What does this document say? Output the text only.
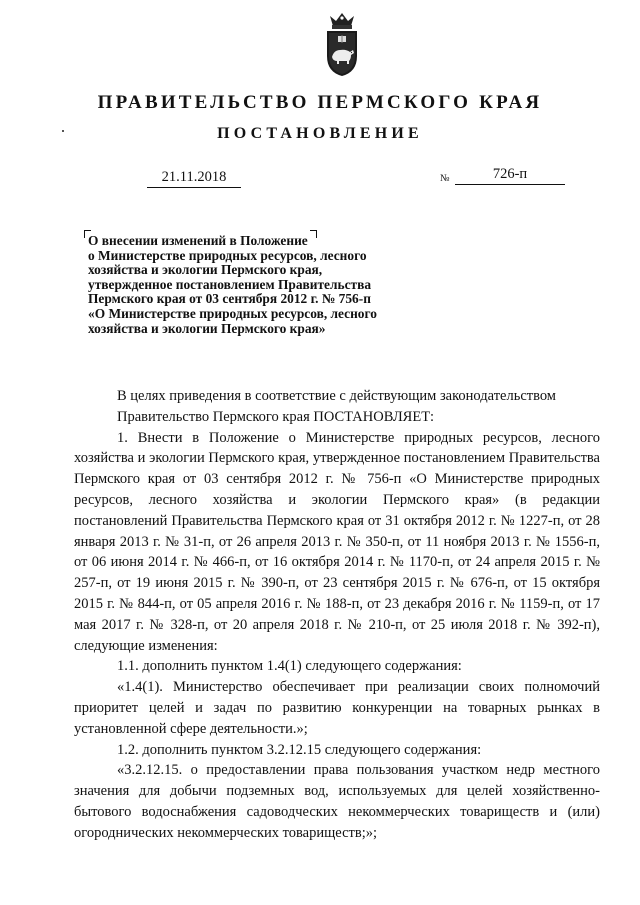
ПРАВИТЕЛЬСТВО ПЕРМСКОГО КРАЯ
ПОСТАНОВЛЕНИЕ
21.11.2018	№	726-п
О внесении изменений в Положение
о Министерстве природных ресурсов, лесного
хозяйства и экологии Пермского края,
утвержденное постановлением Правительства
Пермского края от 03 сентября 2012 г. № 756-п
«О Министерстве природных ресурсов, лесного
хозяйства и экологии Пермского края»

В целях приведения в соответствие с действующим законодательством

Правительство Пермского края ПОСТАНОВЛЯЕТ:

1. Внести в Положение о Министерстве природных ресурсов, лесного хозяйства и экологии Пермского края, утвержденное постановлением Правительства Пермского края от 03 сентября 2012 г. № 756-п «О Министерстве природных ресурсов, лесного хозяйства и экологии Пермского края» (в редакции постановлений Правительства Пермского края от 31 октября 2012 г. № 1227-п, от 28 января 2013 г. № 31-п, от 26 апреля 2013 г. № 350-п, от 11 ноября 2013 г. № 1556-п, от 06 июня 2014 г. № 466-п, от 16 октября 2014 г. № 1170-п, от 24 апреля 2015 г. № 257-п, от 19 июня 2015 г. № 390-п, от 23 сентября 2015 г. № 676-п, от 15 октября 2015 г. № 844-п, от 05 апреля 2016 г. № 188-п, от 23 декабря 2016 г. № 1159-п, от 17 мая 2017 г. № 328-п, от 20 апреля 2018 г. № 210-п, от 25 июля 2018 г. № 392-п), следующие изменения:

1.1. дополнить пунктом 1.4(1) следующего содержания:

«1.4(1). Министерство обеспечивает при реализации своих полномочий приоритет целей и задач по развитию конкуренции на товарных рынках в установленной сфере деятельности.»;

1.2. дополнить пунктом 3.2.12.15 следующего содержания:

«3.2.12.15. о предоставлении права пользования участком недр местного значения для добычи подземных вод, используемых для целей хозяйственно-бытового водоснабжения садоводческих некоммерческих товариществ и (или) огороднических некоммерческих товариществ;»;
